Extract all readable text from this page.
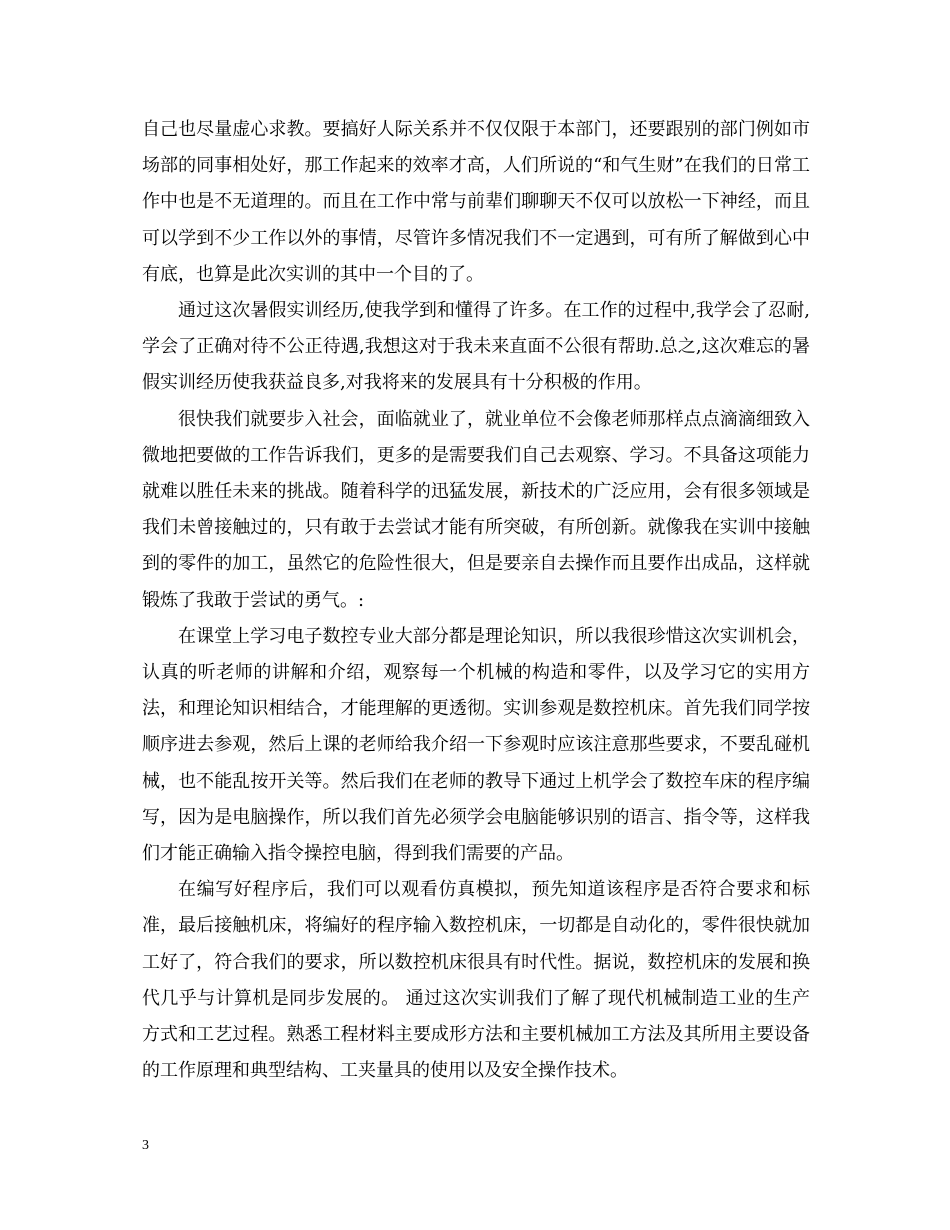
自己也尽量虚心求教。要搞好人际关系并不仅仅限于本部门，还要跟别的部门例如市场部的同事相处好，那工作起来的效率才高，人们所说的“和气生财”在我们的日常工作中也是不无道理的。而且在工作中常与前辈们聊聊天不仅可以放松一下神经，而且可以学到不少工作以外的事情，尽管许多情况我们不一定遇到，可有所了解做到心中有底，也算是此次实训的其中一个目的了。

通过这次暑假实训经历,使我学到和懂得了许多。在工作的过程中,我学会了忍耐,学会了正确对待不公正待遇,我想这对于我未来直面不公很有帮助.总之,这次难忘的暑假实训经历使我获益良多,对我将来的发展具有十分积极的作用。

很快我们就要步入社会，面临就业了，就业单位不会像老师那样点点滴滴细致入微地把要做的工作告诉我们，更多的是需要我们自己去观察、学习。不具备这项能力就难以胜任未来的挑战。随着科学的迅猛发展，新技术的广泛应用，会有很多领域是我们未曾接触过的，只有敢于去尝试才能有所突破，有所创新。就像我在实训中接触到的零件的加工，虽然它的危险性很大，但是要亲自去操作而且要作出成品，这样就锻炼了我敢于尝试的勇气。:

在课堂上学习电子数控专业大部分都是理论知识，所以我很珍惜这次实训机会，认真的听老师的讲解和介绍，观察每一个机械的构造和零件，以及学习它的实用方法，和理论知识相结合，才能理解的更透彻。实训参观是数控机床。首先我们同学按顺序进去参观，然后上课的老师给我介绍一下参观时应该注意那些要求，不要乱碰机械，也不能乱按开关等。然后我们在老师的教导下通过上机学会了数控车床的程序编写，因为是电脑操作，所以我们首先必须学会电脑能够识别的语言、指令等，这样我们才能正确输入指令操控电脑，得到我们需要的产品。

在编写好程序后，我们可以观看仿真模拟，预先知道该程序是否符合要求和标准，最后接触机床，将编好的程序输入数控机床，一切都是自动化的，零件很快就加工好了，符合我们的要求，所以数控机床很具有时代性。据说，数控机床的发展和换代几乎与计算机是同步发展的。 通过这次实训我们了解了现代机械制造工业的生产方式和工艺过程。熟悉工程材料主要成形方法和主要机械加工方法及其所用主要设备的工作原理和典型结构、工夹量具的使用以及安全操作技术。

3
